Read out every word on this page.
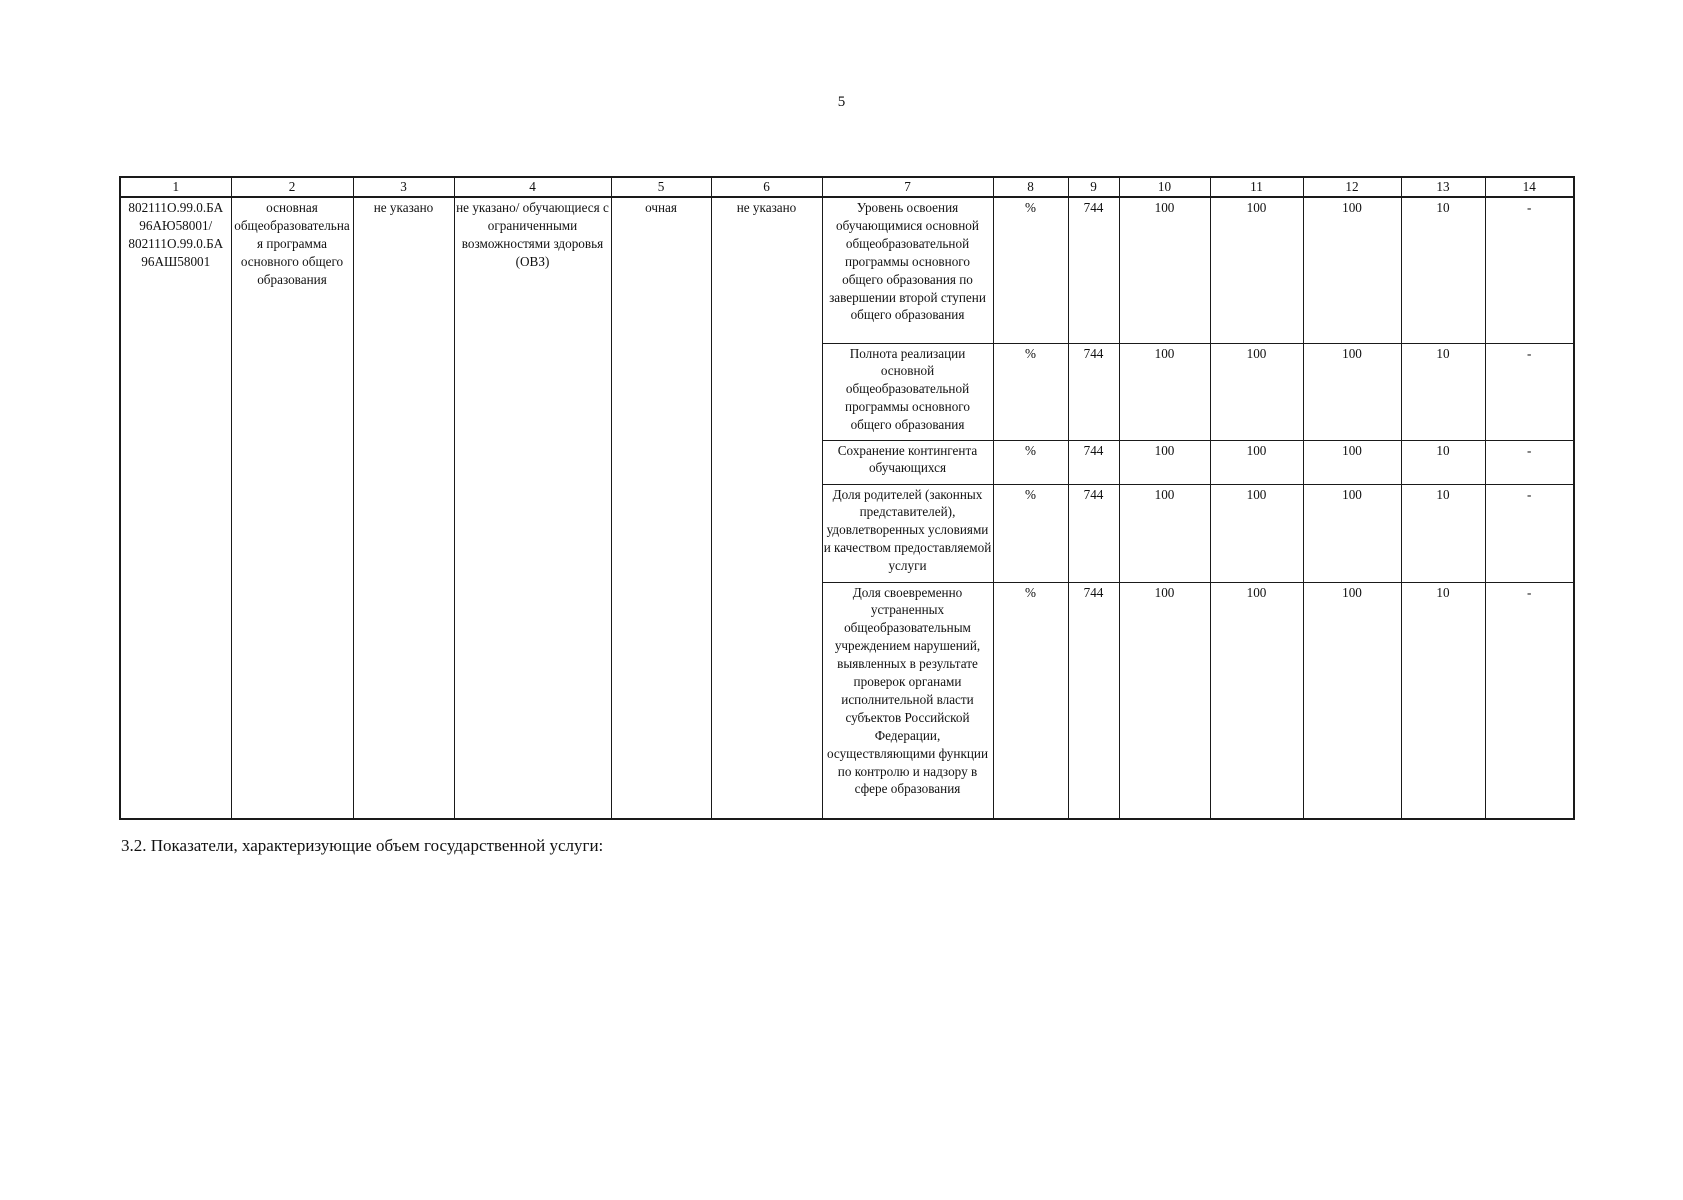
5
1	2	3	4	5	6	7	8	9	10	11	12	13	14
802111О.99.0.БА 96АЮ58001/ 802111О.99.0.БА 96АШ58001	основная общеобразовательная программа основного общего образования	не указано	не указано/ обучающиеся с ограниченными возможностями здоровья (ОВЗ)	очная	не указано	Уровень освоения обучающимися основной общеобразовательной программы основного общего образования по завершении второй ступени общего образования	%	744	100	100	100	10	-
						Полнота реализации основной общеобразовательной программы основного общего образования	%	744	100	100	100	10	-
						Сохранение контингента обучающихся	%	744	100	100	100	10	-
						Доля родителей (законных представителей), удовлетворенных условиями и качеством предоставляемой услуги	%	744	100	100	100	10	-
						Доля своевременно устраненных общеобразовательным учреждением нарушений, выявленных в результате проверок органами исполнительной власти субъектов Российской Федерации, осуществляющими функции по контролю и надзору в сфере образования	%	744	100	100	100	10	-
3.2. Показатели, характеризующие объем государственной услуги:
